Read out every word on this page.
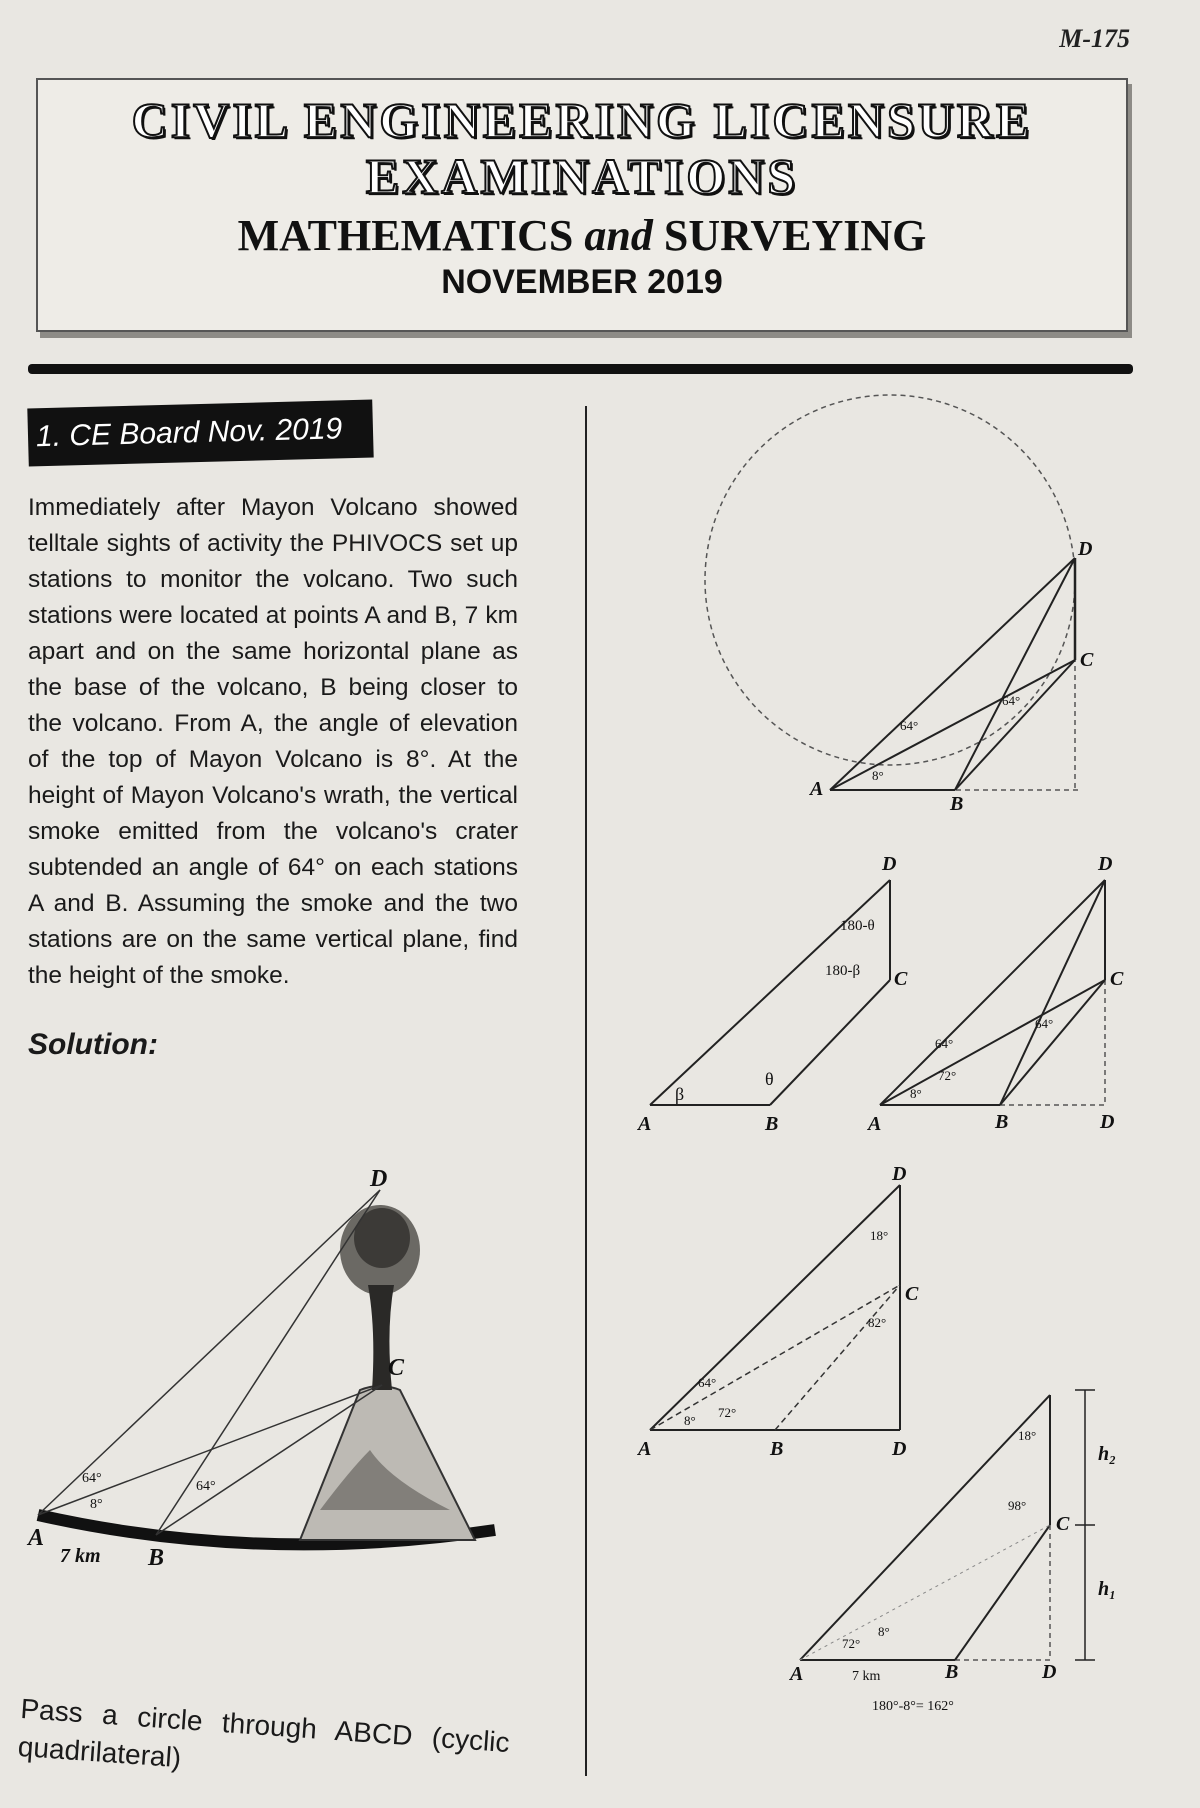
M-175
CIVIL ENGINEERING LICENSURE
EXAMINATIONS
MATHEMATICS and SURVEYING
NOVEMBER 2019
1. CE Board Nov. 2019
Immediately after Mayon Volcano showed telltale sights of activity the PHIVOCS set up stations to monitor the volcano. Two such stations were located at points A and B, 7 km apart and on the same horizontal plane as the base of the volcano, B being closer to the volcano. From A, the angle of elevation of the top of Mayon Volcano is 8°. At the height of Mayon Volcano's wrath, the vertical smoke emitted from the volcano's crater subtended an angle of 64° on each stations A and B. Assuming the smoke and the two stations are on the same vertical plane, find the height of the smoke.
Solution:
D
C
A
B
64°
8°
64°
7 km
Pass a circle through ABCD (cyclic quadrilateral)
D
C
A
B
64°
8°
64°
D
C
A	B
β
θ
180-θ
180-β
D
C
A	B	D
64°
8°
72°
64°
D
C
A	B	D
18°
64°
8°
72°
82°
C
A	B	D
18°
98°
72°
8°
h₂
h₁
7 km
180°-8°= 162°
